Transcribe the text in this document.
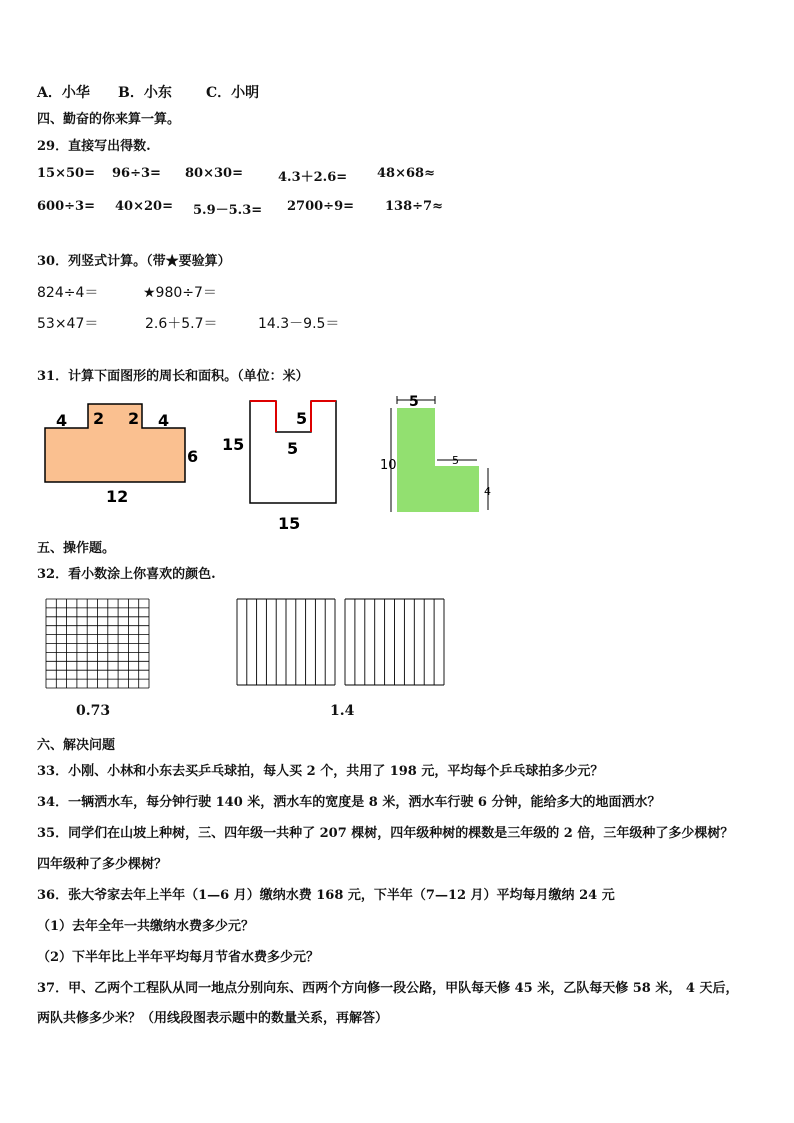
A．小华 B．小东 C．小明
四、勤奋的你来算一算。
29．直接写出得数.
15×50= 96÷3= 80×30=	4.3＋2.6= 48×68≈
600÷3= 40×20= 5.9－5.3= 2700÷9= 138÷7≈
30．列竖式计算。（带★要验算）
824÷4＝	★980÷7＝
53×47＝	2.6＋5.7＝	14.3－9.5＝
31．计算下面图形的周长和面积。（单位：米）
4 2 2 4
6
12
5
5
15
15
5
10	5
4
五、操作题。
32．看小数涂上你喜欢的颜色.
0.73	1.4
六、解决问题
33．小刚、小林和小东去买乒乓球拍，每人买 2 个，共用了 198 元，平均每个乒乓球拍多少元？
34．一辆洒水车，每分钟行驶 140 米，洒水车的宽度是 8 米，洒水车行驶 6 分钟，能给多大的地面洒水？
35．同学们在山坡上种树，三、四年级一共种了 207 棵树，四年级种树的棵数是三年级的 2 倍，三年级种了多少棵树？
四年级种了多少棵树？
36．张大爷家去年上半年（1—6 月）缴纳水费 168 元，下半年（7—12 月）平均每月缴纳 24 元
（1）去年全年一共缴纳水费多少元？
（2）下半年比上半年平均每月节省水费多少元？
37．甲、乙两个工程队从同一地点分别向东、西两个方向修一段公路，甲队每天修 45 米，乙队每天修 58 米， 4 天后，
两队共修多少米？（用线段图表示题中的数量关系，再解答）
